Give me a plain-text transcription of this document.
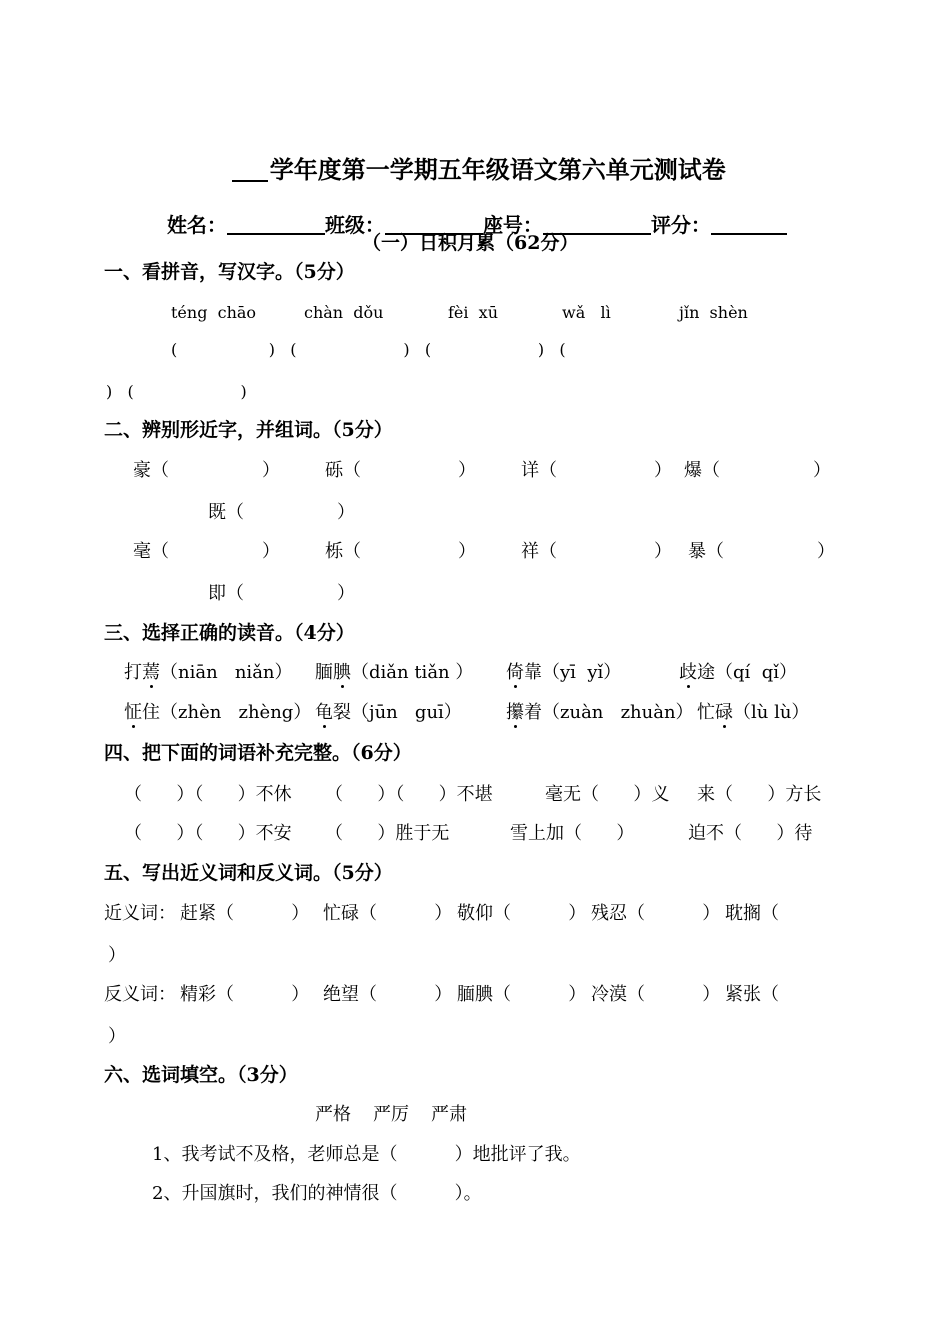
学年度第一学期五年级语文第六单元测试卷

姓名：	班级：	座号：	评分：

（一）日积月累（62分）
一、看拼音，写汉字。（5分）
téng  chāo	chàn  dǒu	fèi  xū	wǎ   lì	jǐn  shèn
(                  )   (                     )   (                     )   (
)   (                     )
二、辨别形近字，并组词。（5分）
豪（	）	砾（	）	详（	） 爆（	）
既（	）
毫（	）	栎（	）	祥（	） 暴（	）
即（	）
三、选择正确的读音。（4分）
打蔫（niān   niǎn） 腼腆（diǎn tiǎn ） 倚靠（yī  yǐ）	歧途（qí  qǐ）
怔住（zhèn   zhèng） 龟裂（jūn   guī） 攥着（zuàn   zhuàn） 忙碌（lù lù）
四、把下面的词语补充完整。（6分）
（      ）（      ）不休 （      ）（      ）不堪	毫无（      ）义 来（      ）方长
（      ）（      ）不安 （      ）胜于无	雪上加（      ）	迫不（      ）待
五、写出近义词和反义词。（5分）
近义词： 赶紧（          ） 忙碌（          ） 敬仰（          ） 残忍（          ） 耽搁（
）
反义词： 精彩（          ） 绝望（          ） 腼腆（          ） 冷漠（          ） 紧张（
）
六、选词填空。（3分）
严格 严厉 严肃
1、我考试不及格，老师总是（          ）地批评了我。
2、升国旗时，我们的神情很（          ）。
